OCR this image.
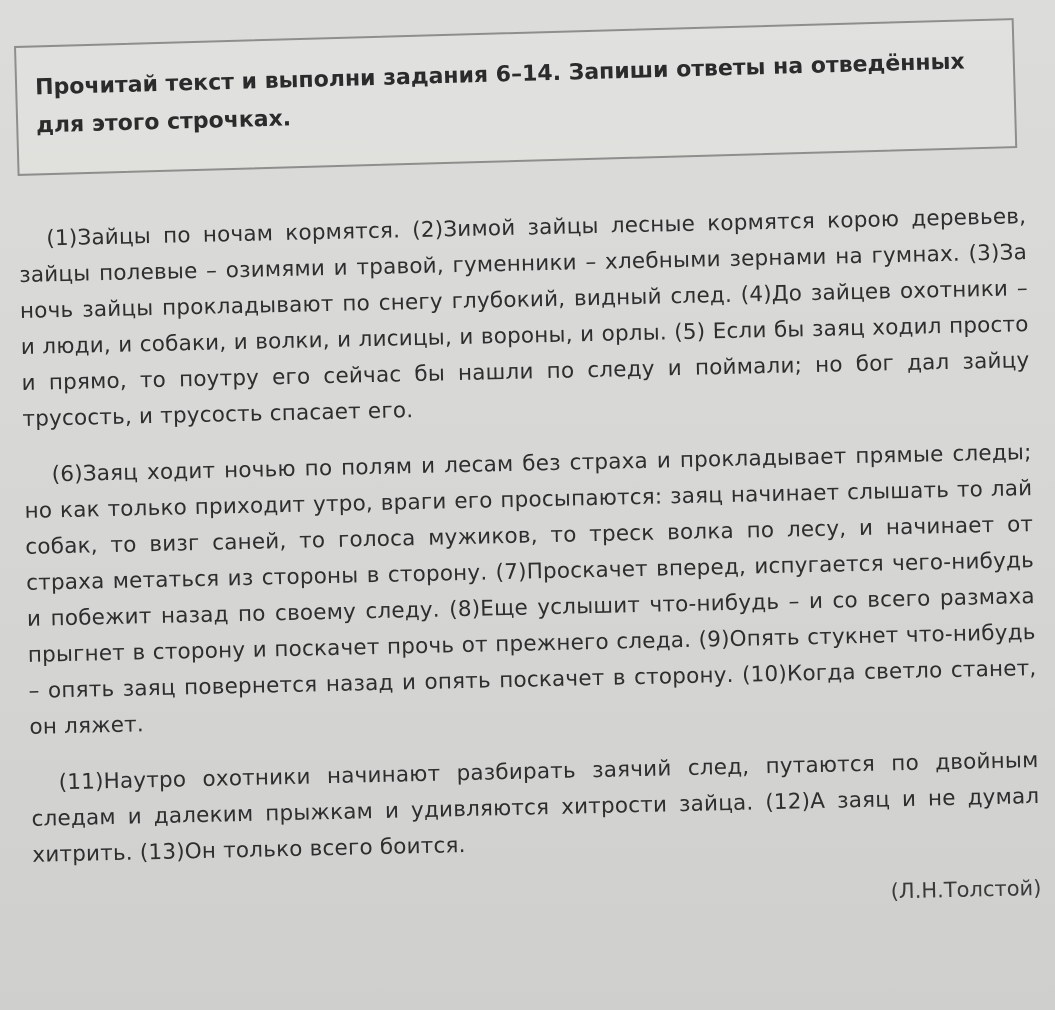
Прочитай текст и выполни задания 6–14. Запиши ответы на отведённых для этого строчках.

(1)Зайцы по ночам кормятся. (2)Зимой зайцы лесные кормятся корою деревьев, зайцы полевые – озимями и травой, гуменники – хлебными зернами на гумнах. (3)За ночь зайцы прокладывают по снегу глубокий, видный след. (4)До зайцев охотники – и люди, и собаки, и волки, и лисицы, и вороны, и орлы. (5) Если бы заяц ходил просто и прямо, то поутру его сейчас бы нашли по следу и поймали; но бог дал зайцу трусость, и трусость спасает его.

(6)Заяц ходит ночью по полям и лесам без страха и прокладывает прямые следы; но как только приходит утро, враги его просыпаются: заяц начинает слышать то лай собак, то визг саней, то голоса мужиков, то треск волка по лесу, и начинает от страха метаться из стороны в сторону. (7)Проскачет вперед, испугается чего-нибудь и побежит назад по своему следу. (8)Еще услышит что-нибудь – и со всего размаха прыгнет в сторону и поскачет прочь от прежнего следа. (9)Опять стукнет что-нибудь – опять заяц повернется назад и опять поскачет в сторону. (10)Когда светло станет, он ляжет.

(11)Наутро охотники начинают разбирать заячий след, путаются по двойным следам и далеким прыжкам и удивляются хитрости зайца. (12)А заяц и не думал хитрить. (13)Он только всего боится.

(Л.Н.Толстой)
